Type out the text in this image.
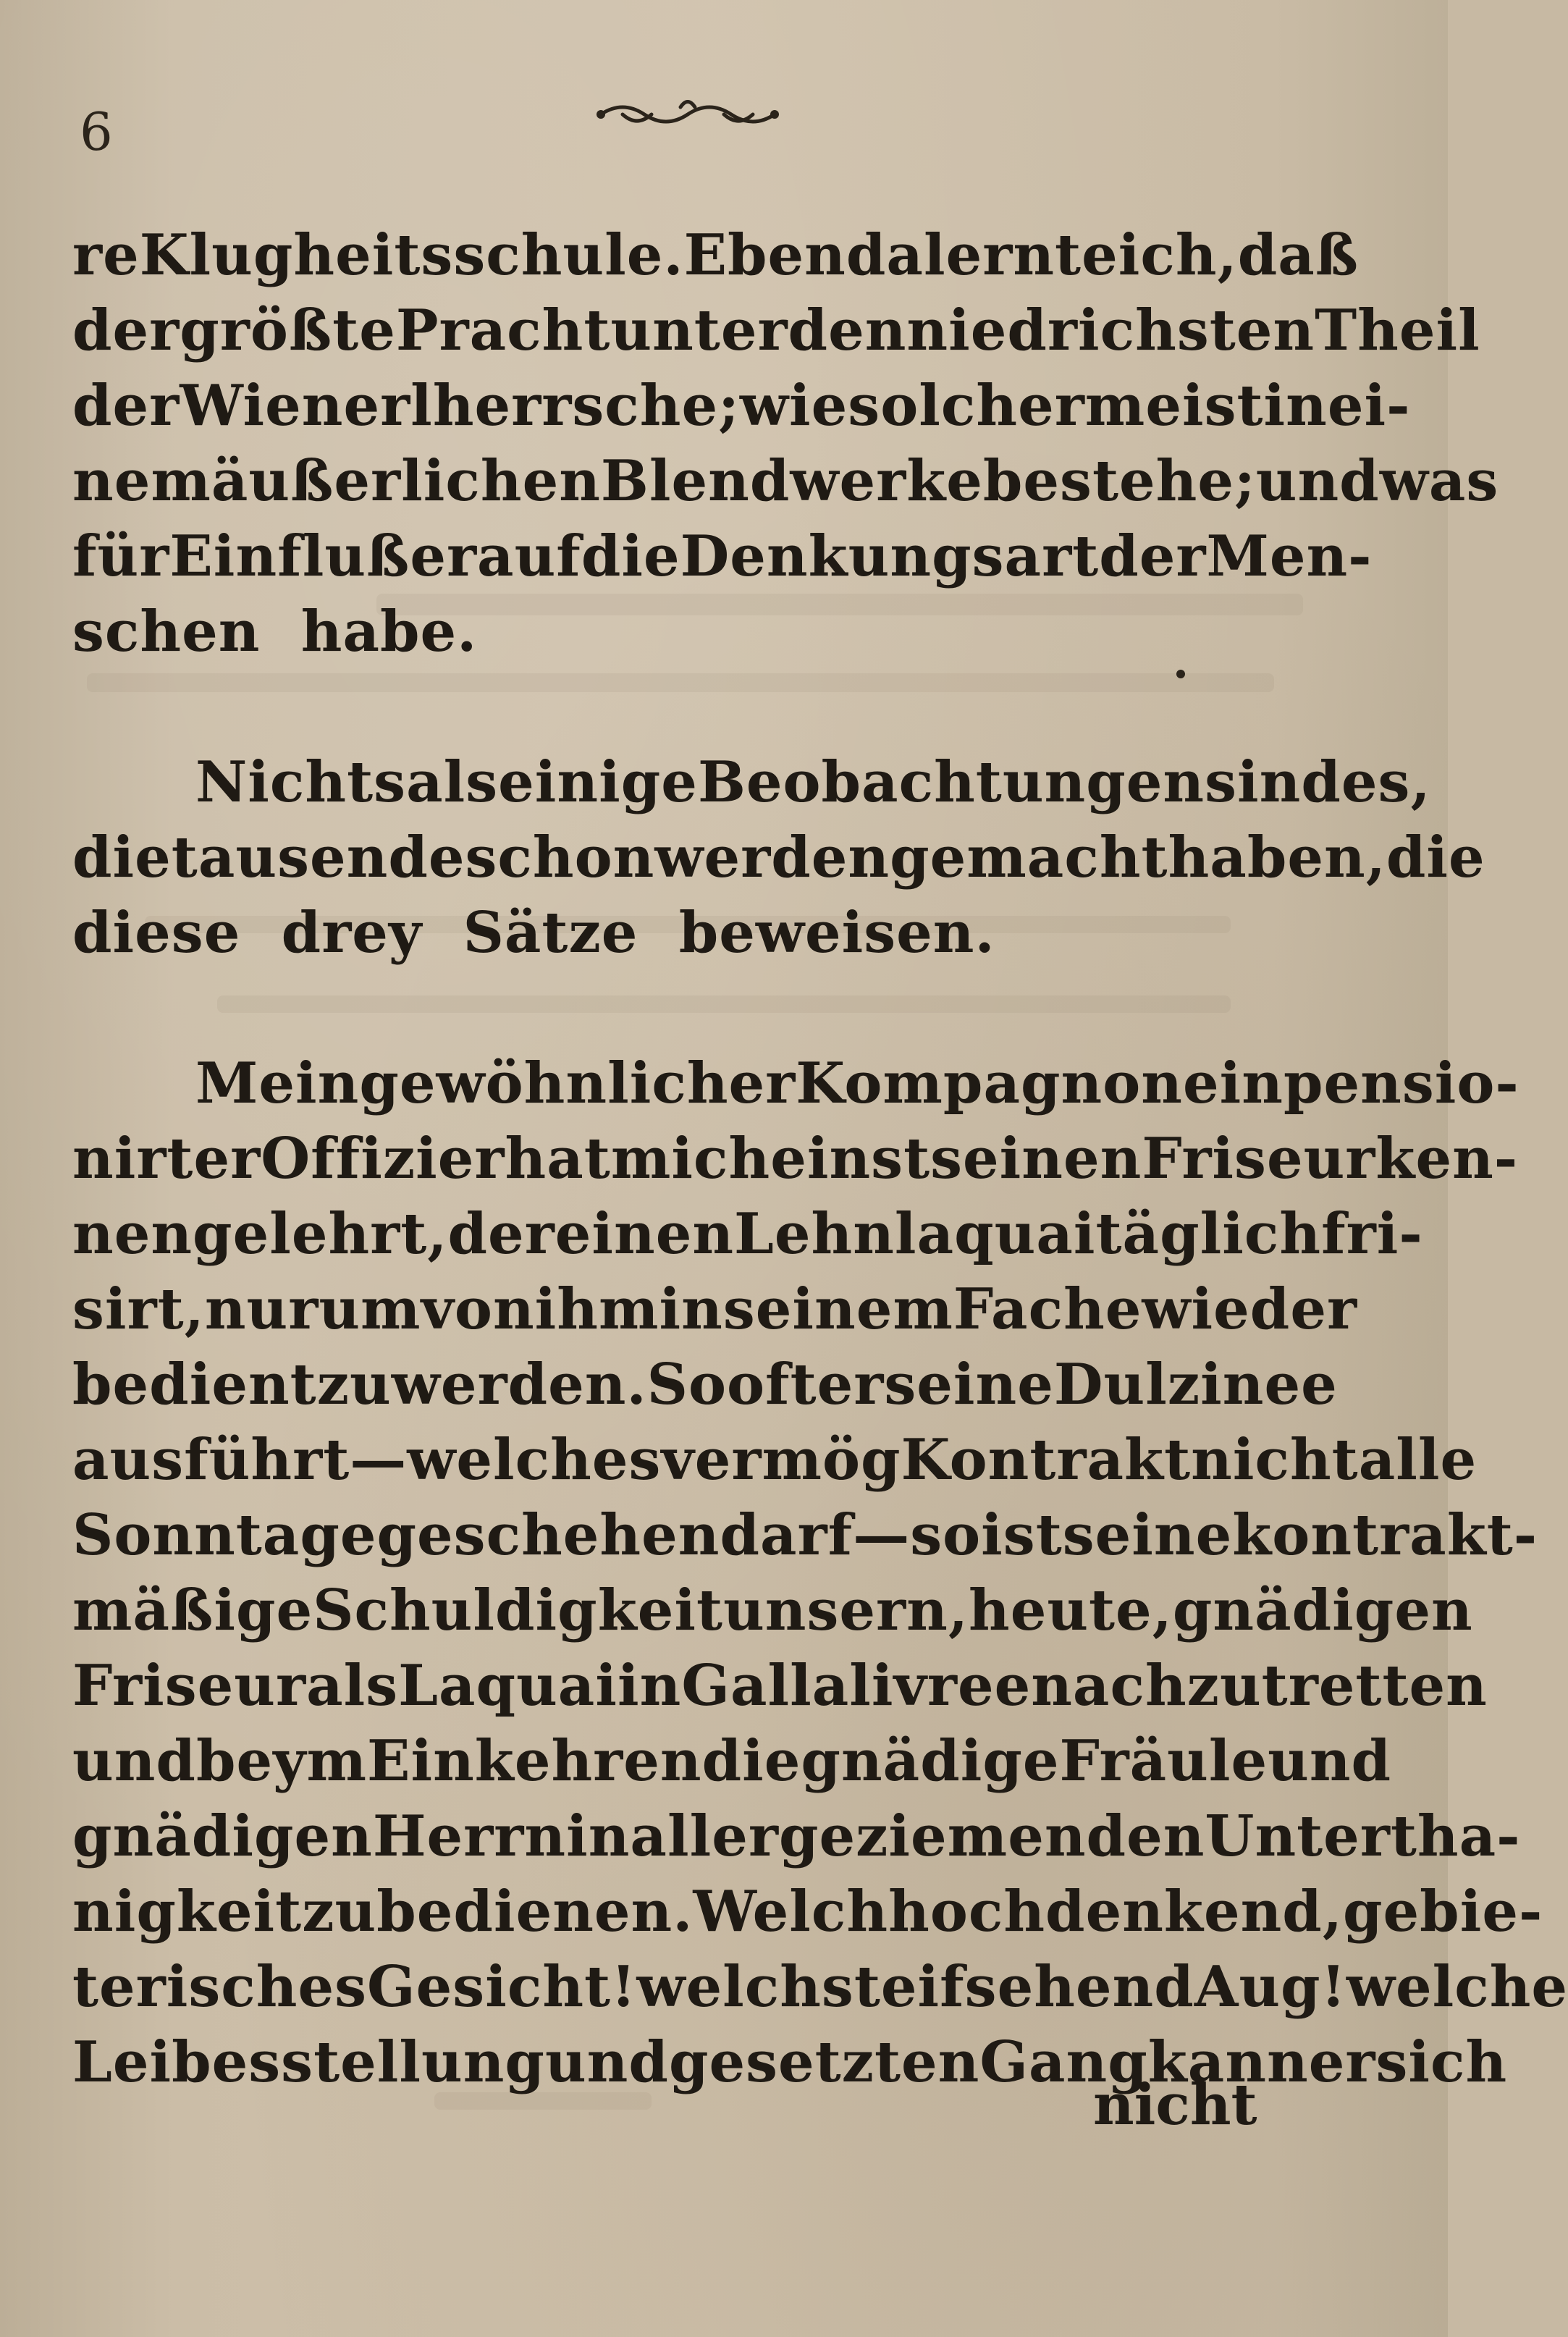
6
re Klugheitsschule. Eben da lernte ich , daß
der größte Pracht unter den niedrichsten Theil
der Wienerl herrsche ; wie solcher meist in ei-
nem äußerlichen Blendwerke bestehe; und was
für Einfluß er auf die Denkungsart der Men-
schen
habe.
Nichts als einige Beobachtungen sind es,
die tausende schon werden gemacht haben, die
diese
drey
Sätze
beweisen.
Mein gewöhnlicher Kompagnon ein pensio-
nirter Offizier hat mich einst seinen Friseur ken-
nen gelehrt, der einen Lehnlaquai täglich fri-
sirt, nur um von ihm in seinem Fache wieder
bedient zu werden. So oft er seine Dulzinee
ausführt — welches vermög Kontrakt nicht alle
Sonntage geschehen darf — so ist seine kontrakt-
mäßige Schuldigkeit unsern, heute, gnädigen
Friseur als Laquai in Gallalivree nachzutretten
und beym Einkehren die gnädige Fräule und
gnädigen Herrn in aller geziemenden Untertha-
nigkeit zu bedienen. Welch hochdenkend, gebie-
terisches Gesicht! welch steifsehend Aug! welche
Leibesstellung und gesetzten Gang kann er sich
nicht
